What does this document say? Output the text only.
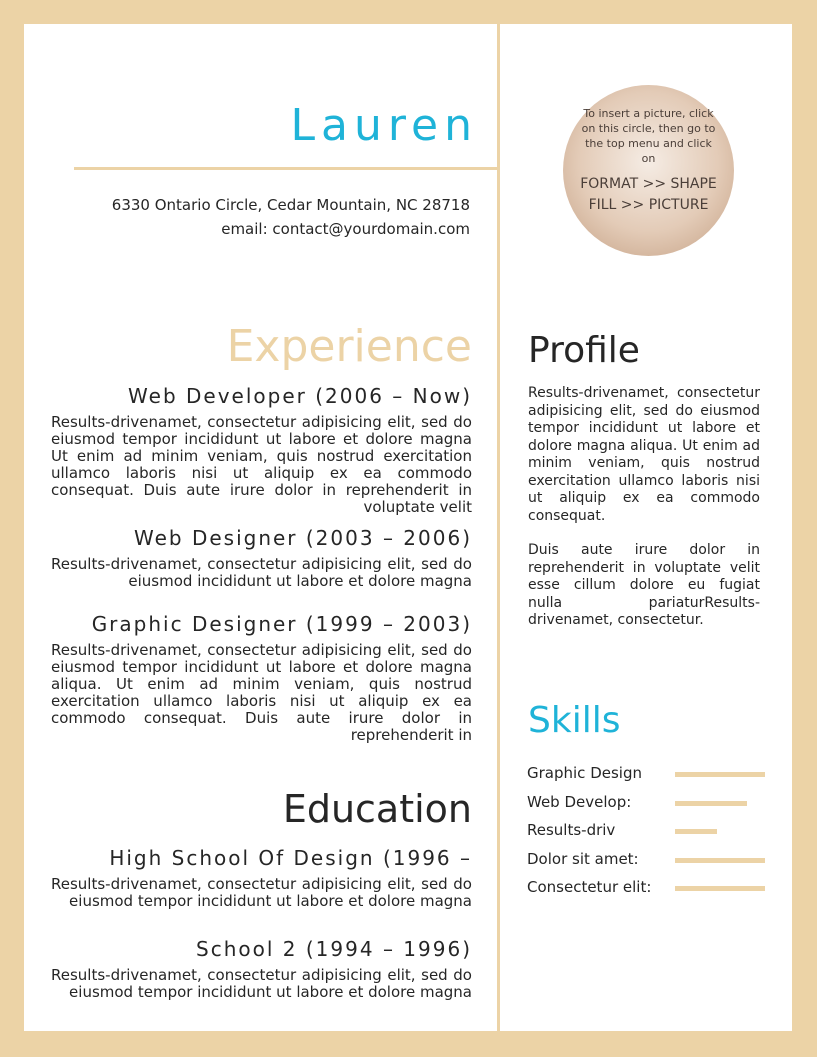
Lauren
6330 Ontario Circle, Cedar Mountain, NC 28718
email: contact@yourdomain.com
To insert a picture, click on this circle, then go to the top menu and click on
FORMAT >> SHAPE FILL >> PICTURE
Experience
Web Developer (2006 – Now)
Results-drivenamet, consectetur adipisicing elit, sed do eiusmod tempor incididunt ut labore et dolore magna Ut enim ad minim veniam, quis nostrud exercitation ullamco laboris nisi ut aliquip ex ea commodo consequat. Duis aute irure dolor in reprehenderit in voluptate velit
Web Designer (2003 – 2006)
Results-drivenamet, consectetur adipisicing elit, sed do eiusmod incididunt ut labore et dolore magna
Graphic Designer (1999 – 2003)
Results-drivenamet, consectetur adipisicing elit, sed do eiusmod tempor incididunt ut labore et dolore magna aliqua. Ut enim ad minim veniam, quis nostrud exercitation ullamco laboris nisi ut aliquip ex ea commodo consequat. Duis aute irure dolor in reprehenderit in
Education
High School Of Design (1996 –
Results-drivenamet, consectetur adipisicing elit, sed do eiusmod tempor incididunt ut labore et dolore magna
School 2 (1994 – 1996)
Results-drivenamet, consectetur adipisicing elit, sed do eiusmod tempor incididunt ut labore et dolore magna
Profile

Results-drivenamet, consectetur adipisicing elit, sed do eiusmod tempor incididunt ut labore et dolore magna aliqua. Ut enim ad minim veniam, quis nostrud exercitation ullamco laboris nisi ut aliquip ex ea commodo consequat.

Duis aute irure dolor in reprehenderit in voluptate velit esse cillum dolore eu fugiat nulla pariaturResults-drivenamet, consectetur.

Skills
Graphic Design
Web Develop:
Results-driv
Dolor sit amet:
Consectetur elit:
